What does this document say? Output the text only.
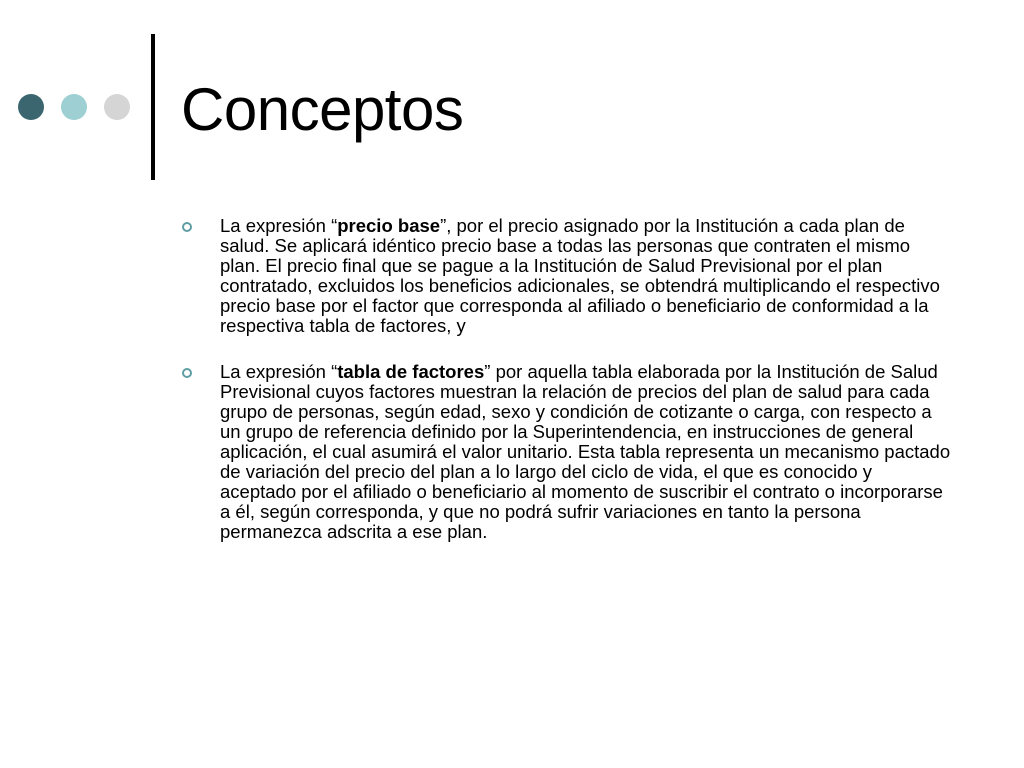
Conceptos
La expresión “precio base”, por el precio asignado por la Institución a cada plan de salud. Se aplicará idéntico precio base a todas las personas que contraten el mismo plan. El precio final que se pague a la Institución de Salud Previsional por el plan contratado, excluidos los beneficios adicionales, se obtendrá multiplicando el respectivo precio base por el factor que corresponda al afiliado o beneficiario de conformidad a la respectiva tabla de factores, y
La expresión “tabla de factores” por aquella tabla elaborada por la Institución de Salud Previsional cuyos factores muestran la relación de precios del plan de salud para cada grupo de personas, según edad, sexo y condición de cotizante o carga, con respecto a un grupo de referencia definido por la Superintendencia, en instrucciones de general aplicación, el cual asumirá el valor unitario. Esta tabla representa un mecanismo pactado de variación del precio del plan a lo largo del ciclo de vida, el que es conocido y aceptado por el afiliado o beneficiario al momento de suscribir el contrato o incorporarse a él, según corresponda, y que no podrá sufrir variaciones en tanto la persona permanezca adscrita a ese plan.
